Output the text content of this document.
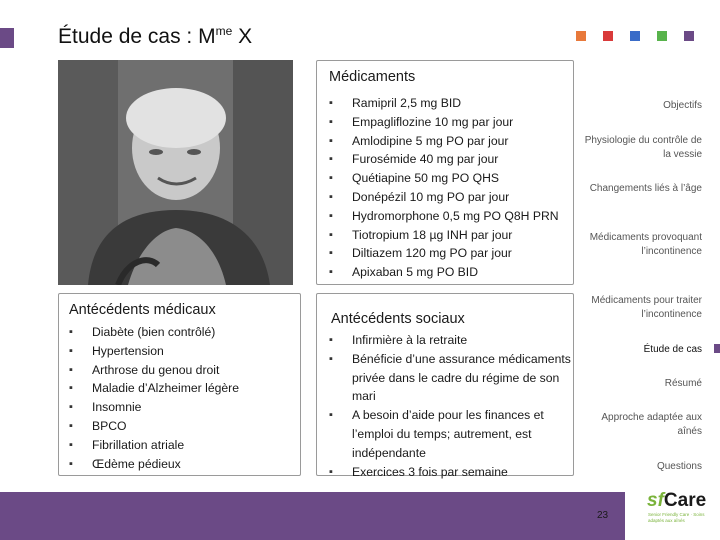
Étude de cas : $M^{me}$ X
Médicaments
▪ Ramipril 2,5 mg BID
▪ Empagliflozine 10 mg par jour
▪ Amlodipine 5 mg PO par jour
▪ Furosémide 40 mg par jour
▪ Quétiapine 50 mg PO QHS
▪ Donépézil 10 mg PO par jour
▪ Hydromorphone 0,5 mg PO Q8H PRN
▪ Tiotropium 18 µg INH par jour
▪ Diltiazem 120 mg PO par jour
▪ Apixaban 5 mg PO BID
Antécédents médicaux
▪ Diabète (bien contrôlé)
▪ Hypertension
▪ Arthrose du genou droit
▪ Maladie d’Alzheimer légère
▪ Insomnie
▪ BPCO
▪ Fibrillation atriale
▪ Œdème pédieux
Antécédents sociaux
▪ Infirmière à la retraite
▪ Bénéficie d’une assurance médicaments privée dans le cadre du régime de son mari
▪ A besoin d’aide pour les finances et l’emploi du temps; autrement, est indépendante
▪ Exercices 3 fois par semaine
Objectifs
Physiologie du contrôle de la vessie
Changements liés à l’âge
Médicaments provoquant l’incontinence
Médicaments pour traiter l’incontinence
Étude de cas
Résumé
Approche adaptée aux aînés
Questions
23
sfCare
Senior Friendly Care · Soins adaptés aux aînés
